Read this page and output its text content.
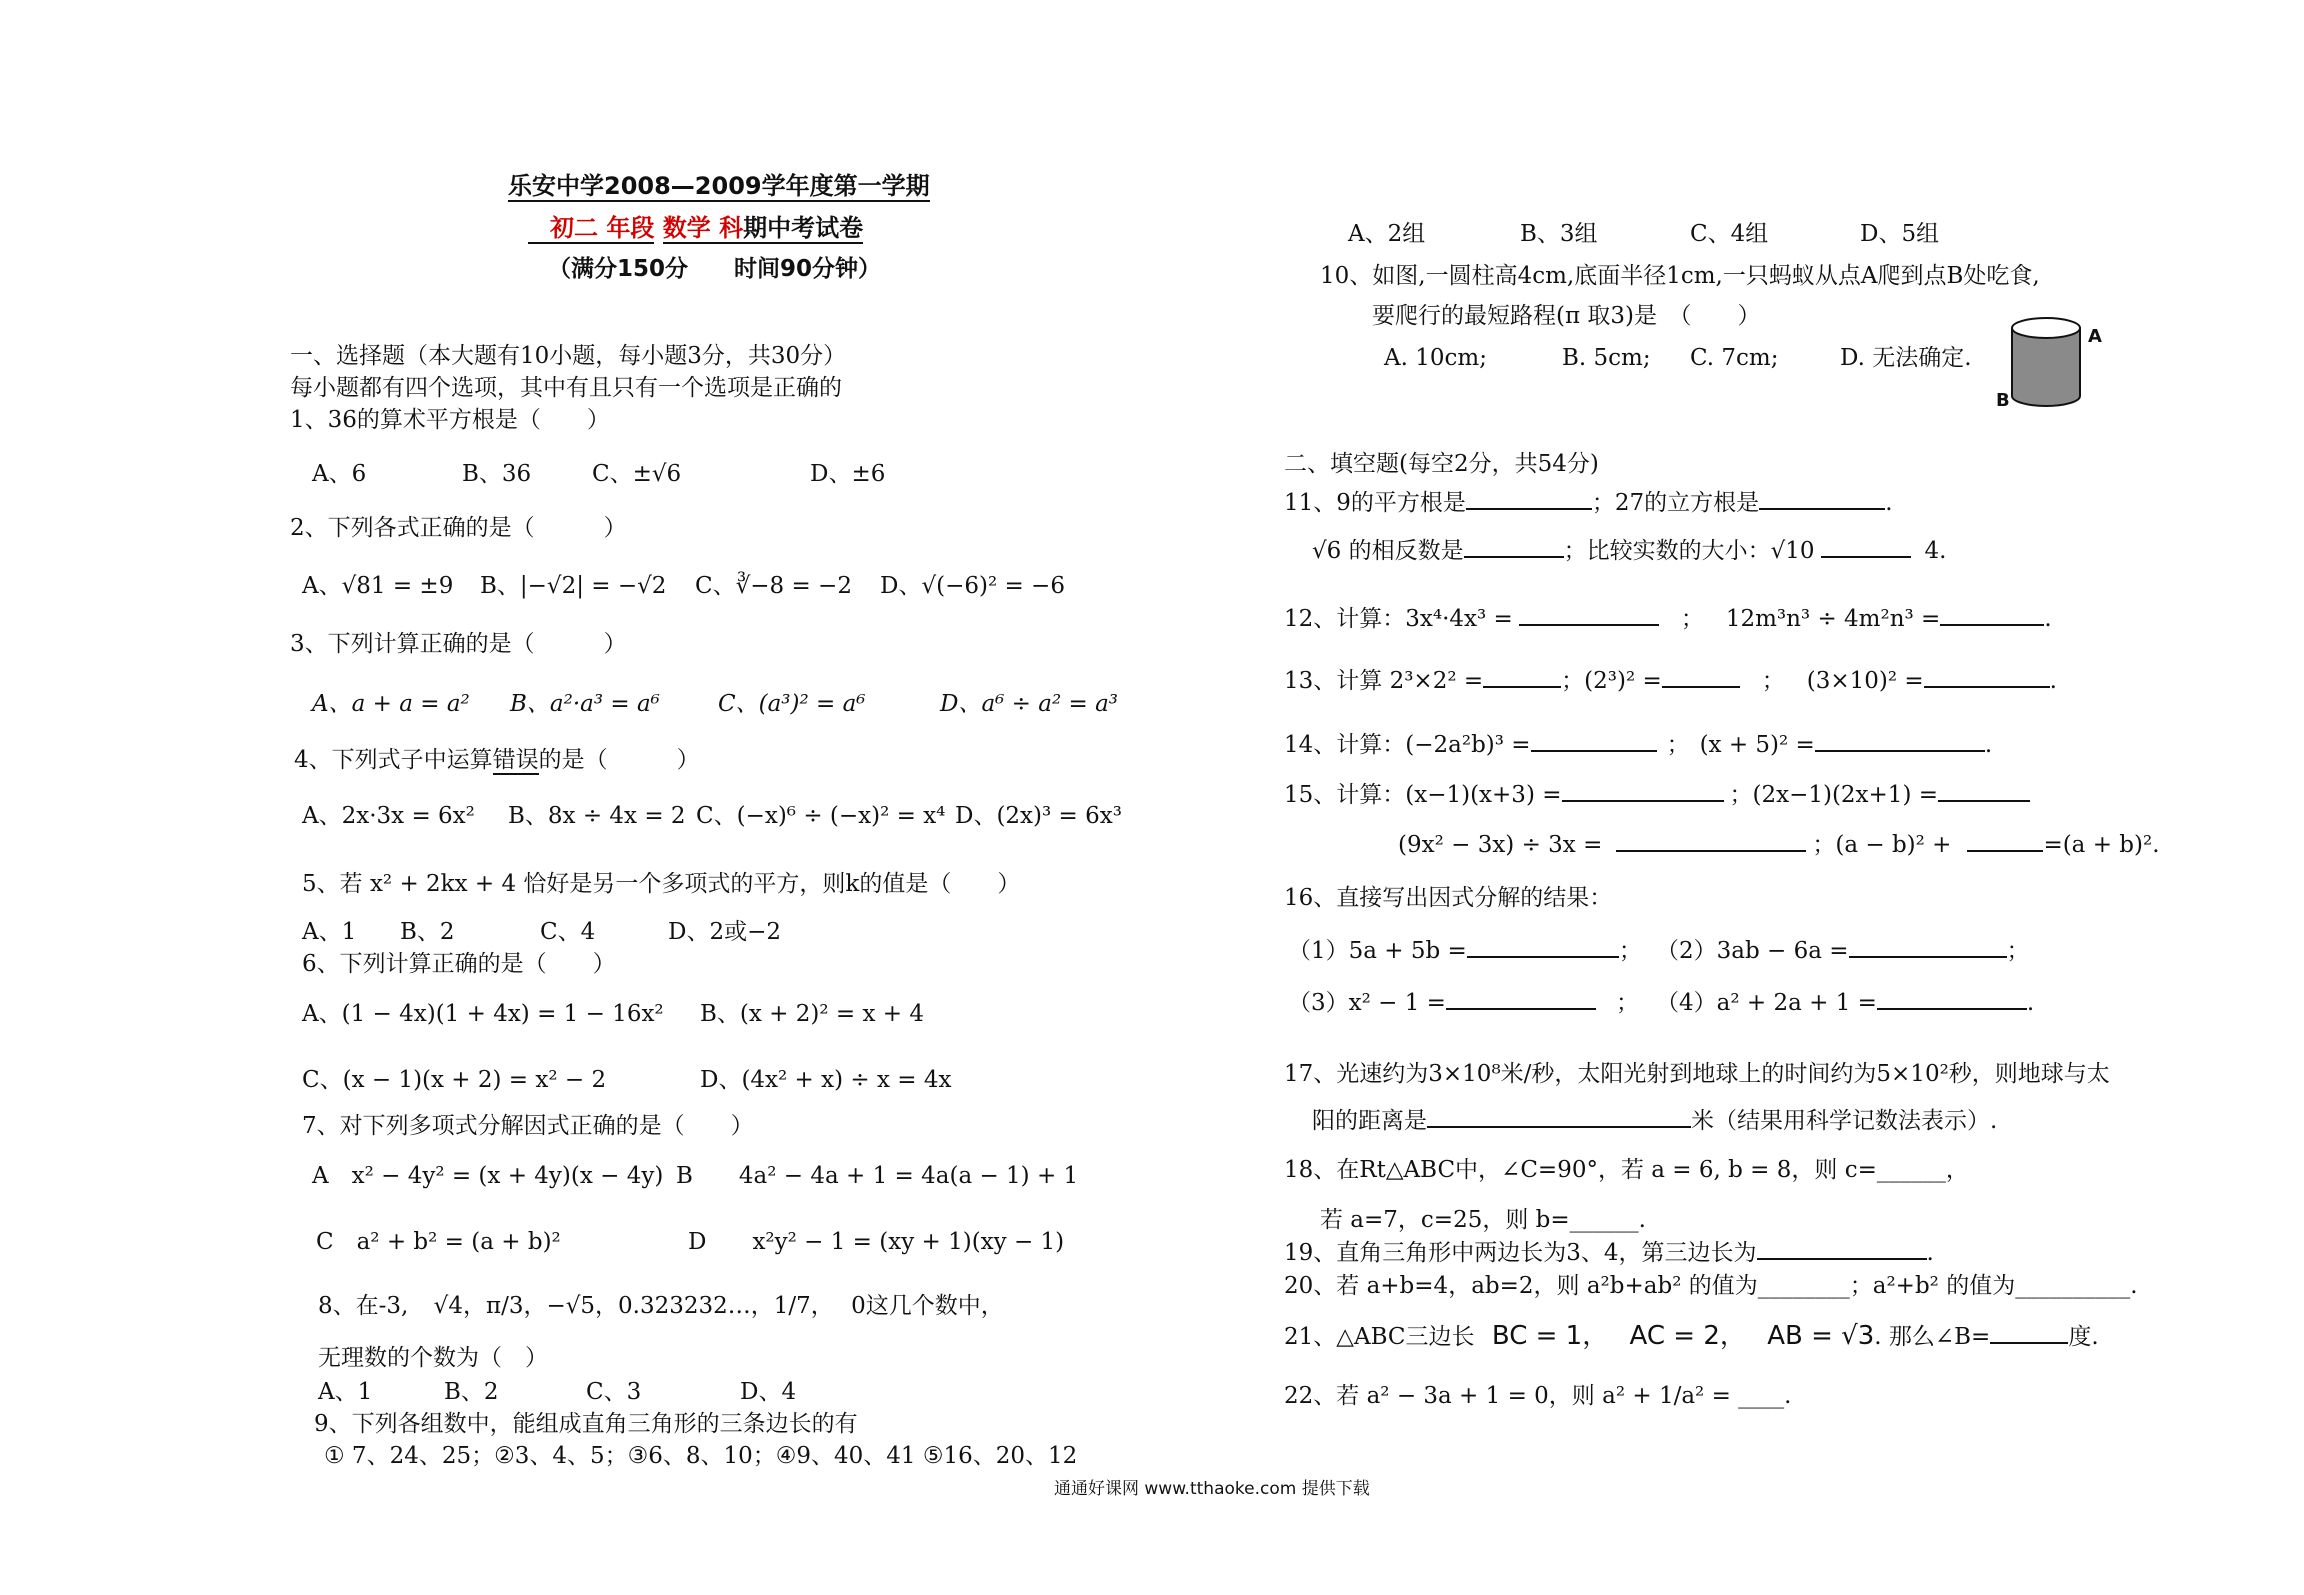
乐安中学2008—2009学年度第一学期
初二 年段 数学 科期中考试卷
（满分150分　　时间90分钟）
一、选择题（本大题有10小题，每小题3分，共30分）
每小题都有四个选项，其中有且只有一个选项是正确的
1、36的算术平方根是（　　）
A、6	B、36	C、±√6	D、±6
2、下列各式正确的是（　　　）
A、√81 = ±9 B、|−√2| = −√2 C、∛−8 = −2 D、√(−6)² = −6
3、下列计算正确的是（　　　）
A、a + a = a² B、a²·a³ = a⁶	C、(a³)² = a⁶	D、a⁶ ÷ a² = a³
4、下列式子中运算错误的是（　　　）
A、2x·3x = 6x² B、8x ÷ 4x = 2 C、(−x)⁶ ÷ (−x)² = x⁴ D、(2x)³ = 6x³
5、若 x² + 2kx + 4 恰好是另一个多项式的平方，则k的值是（　　）
A、1 B、2	C、4	D、2或−2
6、下列计算正确的是（　　）
A、(1 − 4x)(1 + 4x) = 1 − 16x² B、(x + 2)² = x + 4
C、(x − 1)(x + 2) = x² − 2	D、(4x² + x) ÷ x = 4x
7、对下列多项式分解因式正确的是（　　）
A　x² − 4y² = (x + 4y)(x − 4y) B　　4a² − 4a + 1 = 4a(a − 1) + 1
C　a² + b² = (a + b)²	D　　x²y² − 1 = (xy + 1)(xy − 1)
8、在-3, √4，π/3，−√5，0.323232…，1/7， 0这几个数中，
无理数的个数为（　）
A、1	B、2	C、3	D、4
9、下列各组数中，能组成直角三角形的三条边长的有
① 7、24、25；②3、4、5；③6、8、10；④9、40、41 ⑤16、20、12
A、2组	B、3组	C、4组	D、5组
10、如图,一圆柱高4cm,底面半径1cm,一只蚂蚁从点A爬到点B处吃食,
要爬行的最短路程(π 取3)是　（　　）
A. 10cm;	B. 5cm; C. 7cm;	D. 无法确定.
A
B
二、填空题(每空2分，共54分)
11、9的平方根是	；27的立方根是	.
√6 的相反数是	；比较实数的大小：√10	4.
12、计算：3x⁴·4x³ =	； 12m³n³ ÷ 4m²n³ =	.
13、计算 2³×2² =	；(2³)² =	； (3×10)² =	.
14、计算：(−2a²b)³ =	； (x + 5)² =	.
15、计算：(x−1)(x+3) =	；(2x−1)(2x+1) =
(9x² − 3x) ÷ 3x =	；(a − b)² +	=(a + b)².
16、直接写出因式分解的结果：
（1）5a + 5b =	； （2）3ab − 6a =	；
（3）x² − 1 =	； （4）a² + 2a + 1 =	.
17、光速约为3×10⁸米/秒，太阳光射到地球上的时间约为5×10²秒，则地球与太
阳的距离是	米（结果用科学记数法表示）.
18、在Rt△ABC中，∠C=90°，若 a = 6, b = 8，则 c=______，
若 a=7，c=25，则 b=______.
19、直角三角形中两边长为3、4，第三边长为	.
20、若 a+b=4，ab=2，则 a²b+ab² 的值为________；a²+b² 的值为__________.
21、△ABC三边长 BC = 1， AC = 2， AB = √3. 那么∠B=	度.
22、若 a² − 3a + 1 = 0，则 a² + 1/a² = ____.
通通好课网 www.tthaoke.com 提供下载
